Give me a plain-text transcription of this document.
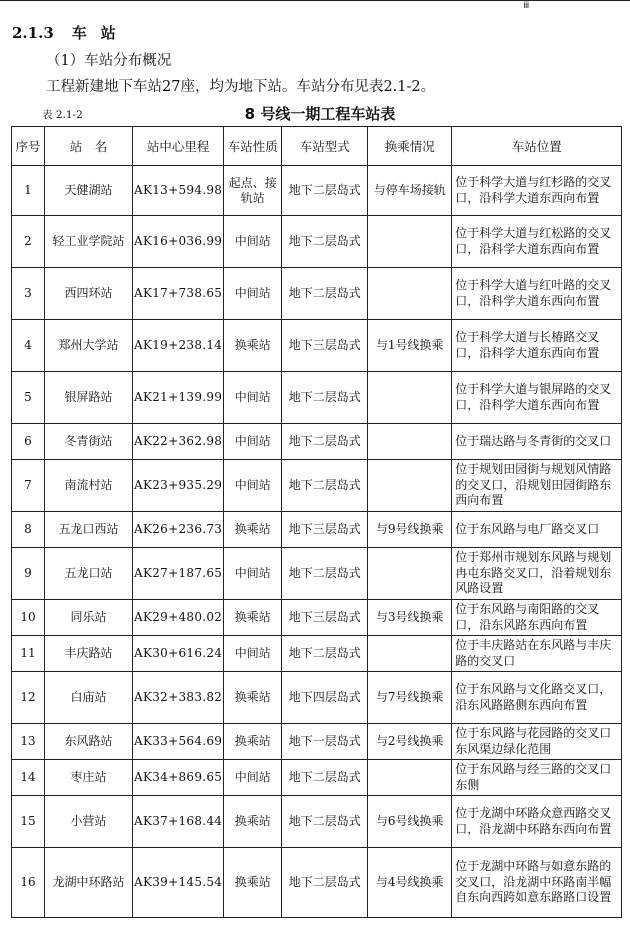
ⅲ
2.1.3 车站
（1）车站分布概况
工程新建地下车站27座，均为地下站。车站分布见表2.1-2。
表 2.1-2	8 号线一期工程车站表
序号	站　名	站中心里程	车站性质	车站型式	换乘情况	车站位置
1	天健湖站	AK13+594.98	起点、接轨站	地下二层岛式	与停车场接轨	位于科学大道与红杉路的交叉口，沿科学大道东西向布置
2	轻工业学院站	AK16+036.99	中间站	地下二层岛式		位于科学大道与红松路的交叉口，沿科学大道东西向布置
3	西四环站	AK17+738.65	中间站	地下二层岛式		位于科学大道与红叶路的交叉口，沿科学大道东西向布置
4	郑州大学站	AK19+238.14	换乘站	地下三层岛式	与1号线换乘	位于科学大道与长椿路交叉口，沿科学大道东西向布置
5	银屏路站	AK21+139.99	中间站	地下二层岛式		位于科学大道与银屏路的交叉口，沿科学大道东西向布置
6	冬青街站	AK22+362.98	中间站	地下二层岛式		位于瑞达路与冬青街的交叉口
7	南流村站	AK23+935.29	中间站	地下二层岛式		位于规划田园街与规划风情路的交叉口，沿规划田园街路东西向布置
8	五龙口西站	AK26+236.73	换乘站	地下三层岛式	与9号线换乘	位于东风路与电厂路交叉口
9	五龙口站	AK27+187.65	中间站	地下二层岛式		位于郑州市规划东风路与规划冉屯东路交叉口，沿着规划东风路设置
10	同乐站	AK29+480.02	换乘站	地下三层岛式	与3号线换乘	位于东风路与南阳路的交叉口，沿东风路东西向布置
11	丰庆路站	AK30+616.24	中间站	地下二层岛式		位于丰庆路站在东风路与丰庆路的交叉口
12	白庙站	AK32+383.82	换乘站	地下四层岛式	与7号线换乘	位于东风路与文化路交叉口，沿东风路路侧东西向布置
13	东风路站	AK33+564.69	换乘站	地下一层岛式	与2号线换乘	位于东风路与花园路的交叉口东风渠边绿化范围
14	枣庄站	AK34+869.65	中间站	地下二层岛式		位于东风路与经三路的交叉口东侧
15	小营站	AK37+168.44	换乘站	地下二层岛式	与6号线换乘	位于龙湖中环路众意西路交叉口，沿龙湖中环路东西向布置
16	龙湖中环路站	AK39+145.54	换乘站	地下二层岛式	与4号线换乘	位于龙湖中环路与如意东路的交叉口，沿龙湖中环路南半幅自东向西跨如意东路路口设置
